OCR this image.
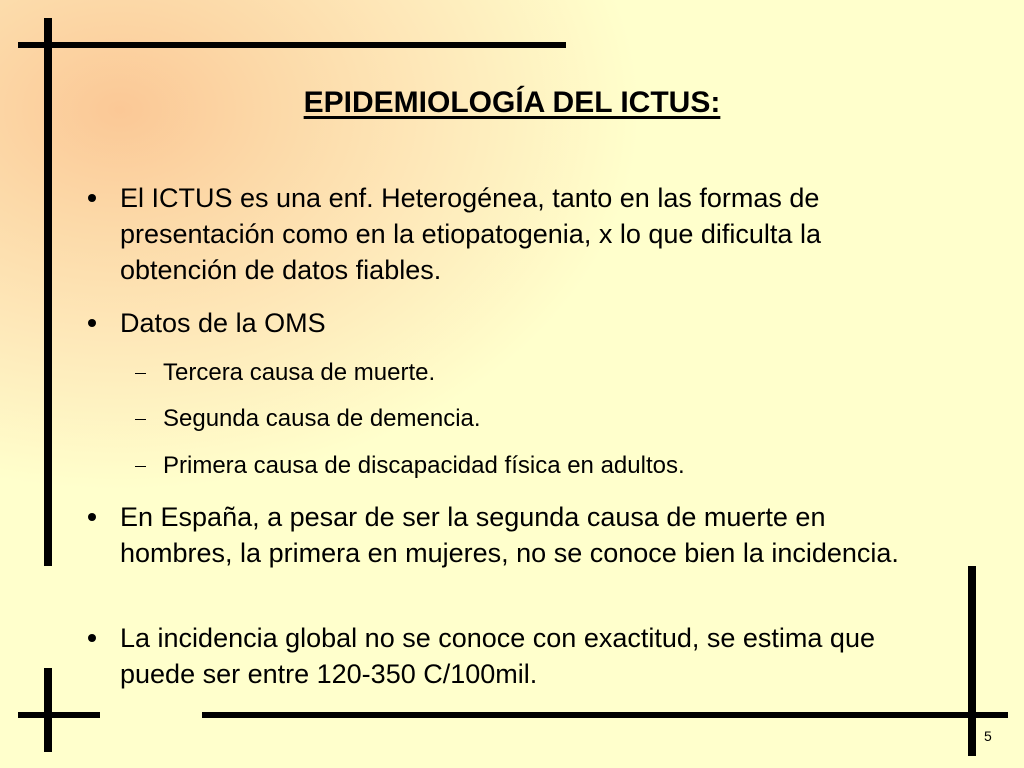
EPIDEMIOLOGÍA DEL ICTUS:
El ICTUS es una enf. Heterogénea, tanto en las formas de presentación como en la etiopatogenia, x lo que dificulta la obtención de datos fiables.
Datos de la OMS
Tercera causa de muerte.
Segunda causa de demencia.
Primera causa de discapacidad física en adultos.
En España, a pesar de ser la segunda causa de muerte en hombres, la primera en mujeres, no se conoce bien la incidencia.
La incidencia global no se conoce con exactitud, se estima que puede ser entre 120-350 C/100mil.
5
